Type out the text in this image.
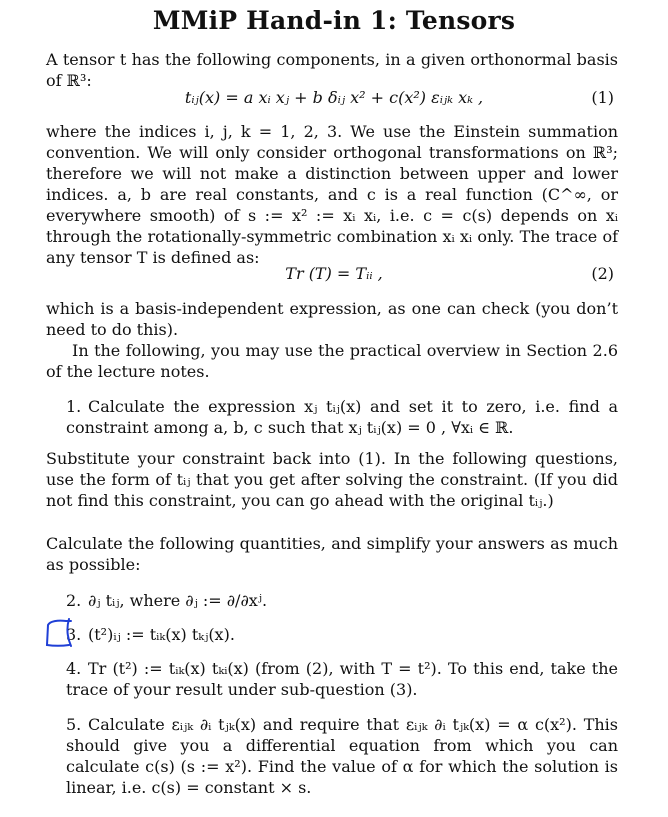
MMiP Hand-in 1: Tensors
A tensor t has the following components, in a given orthonormal basis of ℝ³:
tᵢⱼ(x) = a xᵢ xⱼ + b δᵢⱼ x² + c(x²) εᵢⱼₖ xₖ ,	(1)
where the indices i, j, k = 1, 2, 3. We use the Einstein summation convention. We will only consider orthogonal transformations on ℝ³; therefore we will not make a distinction between upper and lower indices. a, b are real constants, and c is a real function (C^∞, or everywhere smooth) of s := x² := xᵢ xᵢ, i.e. c = c(s) depends on xᵢ through the rotationally-symmetric combination xᵢ xᵢ only. The trace of any tensor T is defined as:
Tr (T) = Tᵢᵢ ,	(2)
which is a basis-independent expression, as one can check (you don’t need to do this).
In the following, you may use the practical overview in Section 2.6 of the lecture notes.
1. Calculate the expression xⱼ tᵢⱼ(x) and set it to zero, i.e. find a constraint among a, b, c such that xⱼ tᵢⱼ(x) = 0 , ∀xᵢ ∈ ℝ.
Substitute your constraint back into (1). In the following questions, use the form of tᵢⱼ that you get after solving the constraint. (If you did not find this constraint, you can go ahead with the original tᵢⱼ.)
Calculate the following quantities, and simplify your answers as much as possible:
2. ∂ⱼ tᵢⱼ, where ∂ⱼ := ∂/∂xʲ.
3. (t²)ᵢⱼ := tᵢₖ(x) tₖⱼ(x).
4. Tr (t²) := tᵢₖ(x) tₖᵢ(x) (from (2), with T = t²). To this end, take the trace of your result under sub-question (3).
5. Calculate εᵢⱼₖ ∂ᵢ tⱼₖ(x) and require that εᵢⱼₖ ∂ᵢ tⱼₖ(x) = α c(x²). This should give you a differential equation from which you can calculate c(s) (s := x²). Find the value of α for which the solution is linear, i.e. c(s) = constant × s.
